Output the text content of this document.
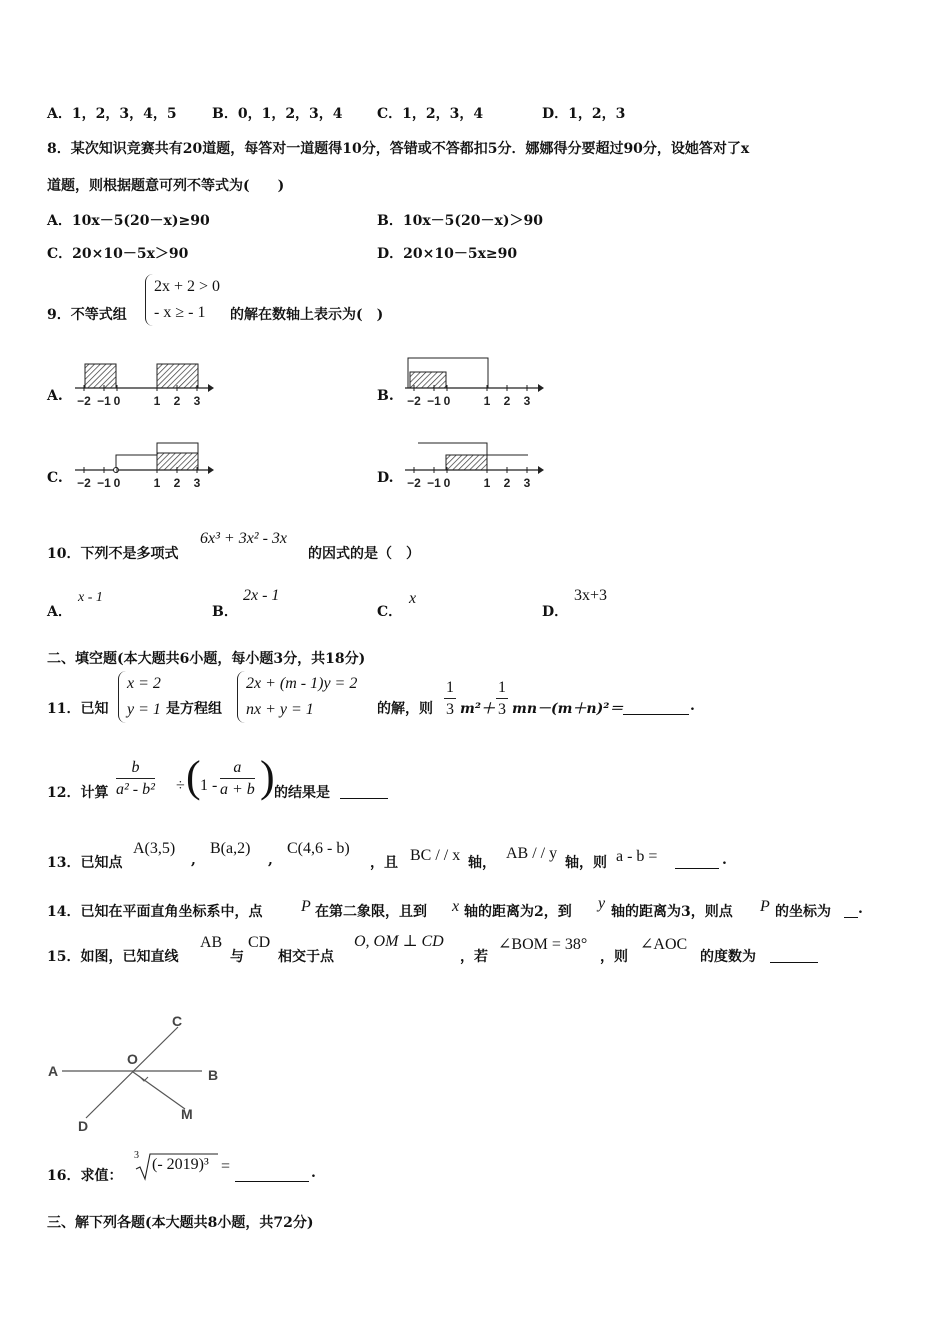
A．1，2，3，4，5	B．0，1，2，3，4 C．1，2，3，4	D．1，2，3
8．某次知识竞赛共有20道题，每答对一道题得10分，答错或不答都扣5分．娜娜得分要超过90分，设她答对了x
道题，则根据题意可列不等式为(　　)
A．10x－5(20－x)≥90	B．10x－5(20－x)＞90
C．20×10－5x＞90	D．20×10－5x≥90
9．不等式组
2x + 2 > 0
- x ≥ - 1	的解在数轴上表示为(　)
A.	B.
C.	D.
−2 −1 0	1 2 3	−2 −1 0	1 2 3
−2 −1 0	1 2 3	−2 −1 0	1 2 3
10．下列不是多项式
6x³ + 3x² - 3x
的因式的是（　）
A．
x - 1
B．
2x - 1
C．
x
D．
3x+3
二、填空题(本大题共6小题，每小题3分，共18分)
11．已知
x = 2
y = 1 是方程组
2x + (m - 1)y = 2
nx + y = 1	的解，则 $\frac{1}{3} m^2+ \frac{1}{3} mn-(m+n)^2=$
	.
12．计算 $\frac{b}{\text{a² - b²}}$ ÷ ( $1 - \frac{a}{a + b}$ ) 的结果是

13．已知点
A(3,5)
,
B(a,2)
,
C(4,6 - b)
，且 BC / / x 轴，
AB / / y
轴，则 a - b =
	.
14．已知在平面直角坐标系中，点 P 在第二象限，且到 x 轴的距离为2，到 y 轴的距离为3，则点 P 的坐标为
.
15．如图，已知直线
AB
与
CD
相交于点
O, OM ⊥ CD
，若
∠BOM = 38°
，则
∠AOC
的度数为

A	B
C
D
O
M
16．求值：
3
(- 2019)³ =
	.
三、解下列各题(本大题共8小题，共72分)
